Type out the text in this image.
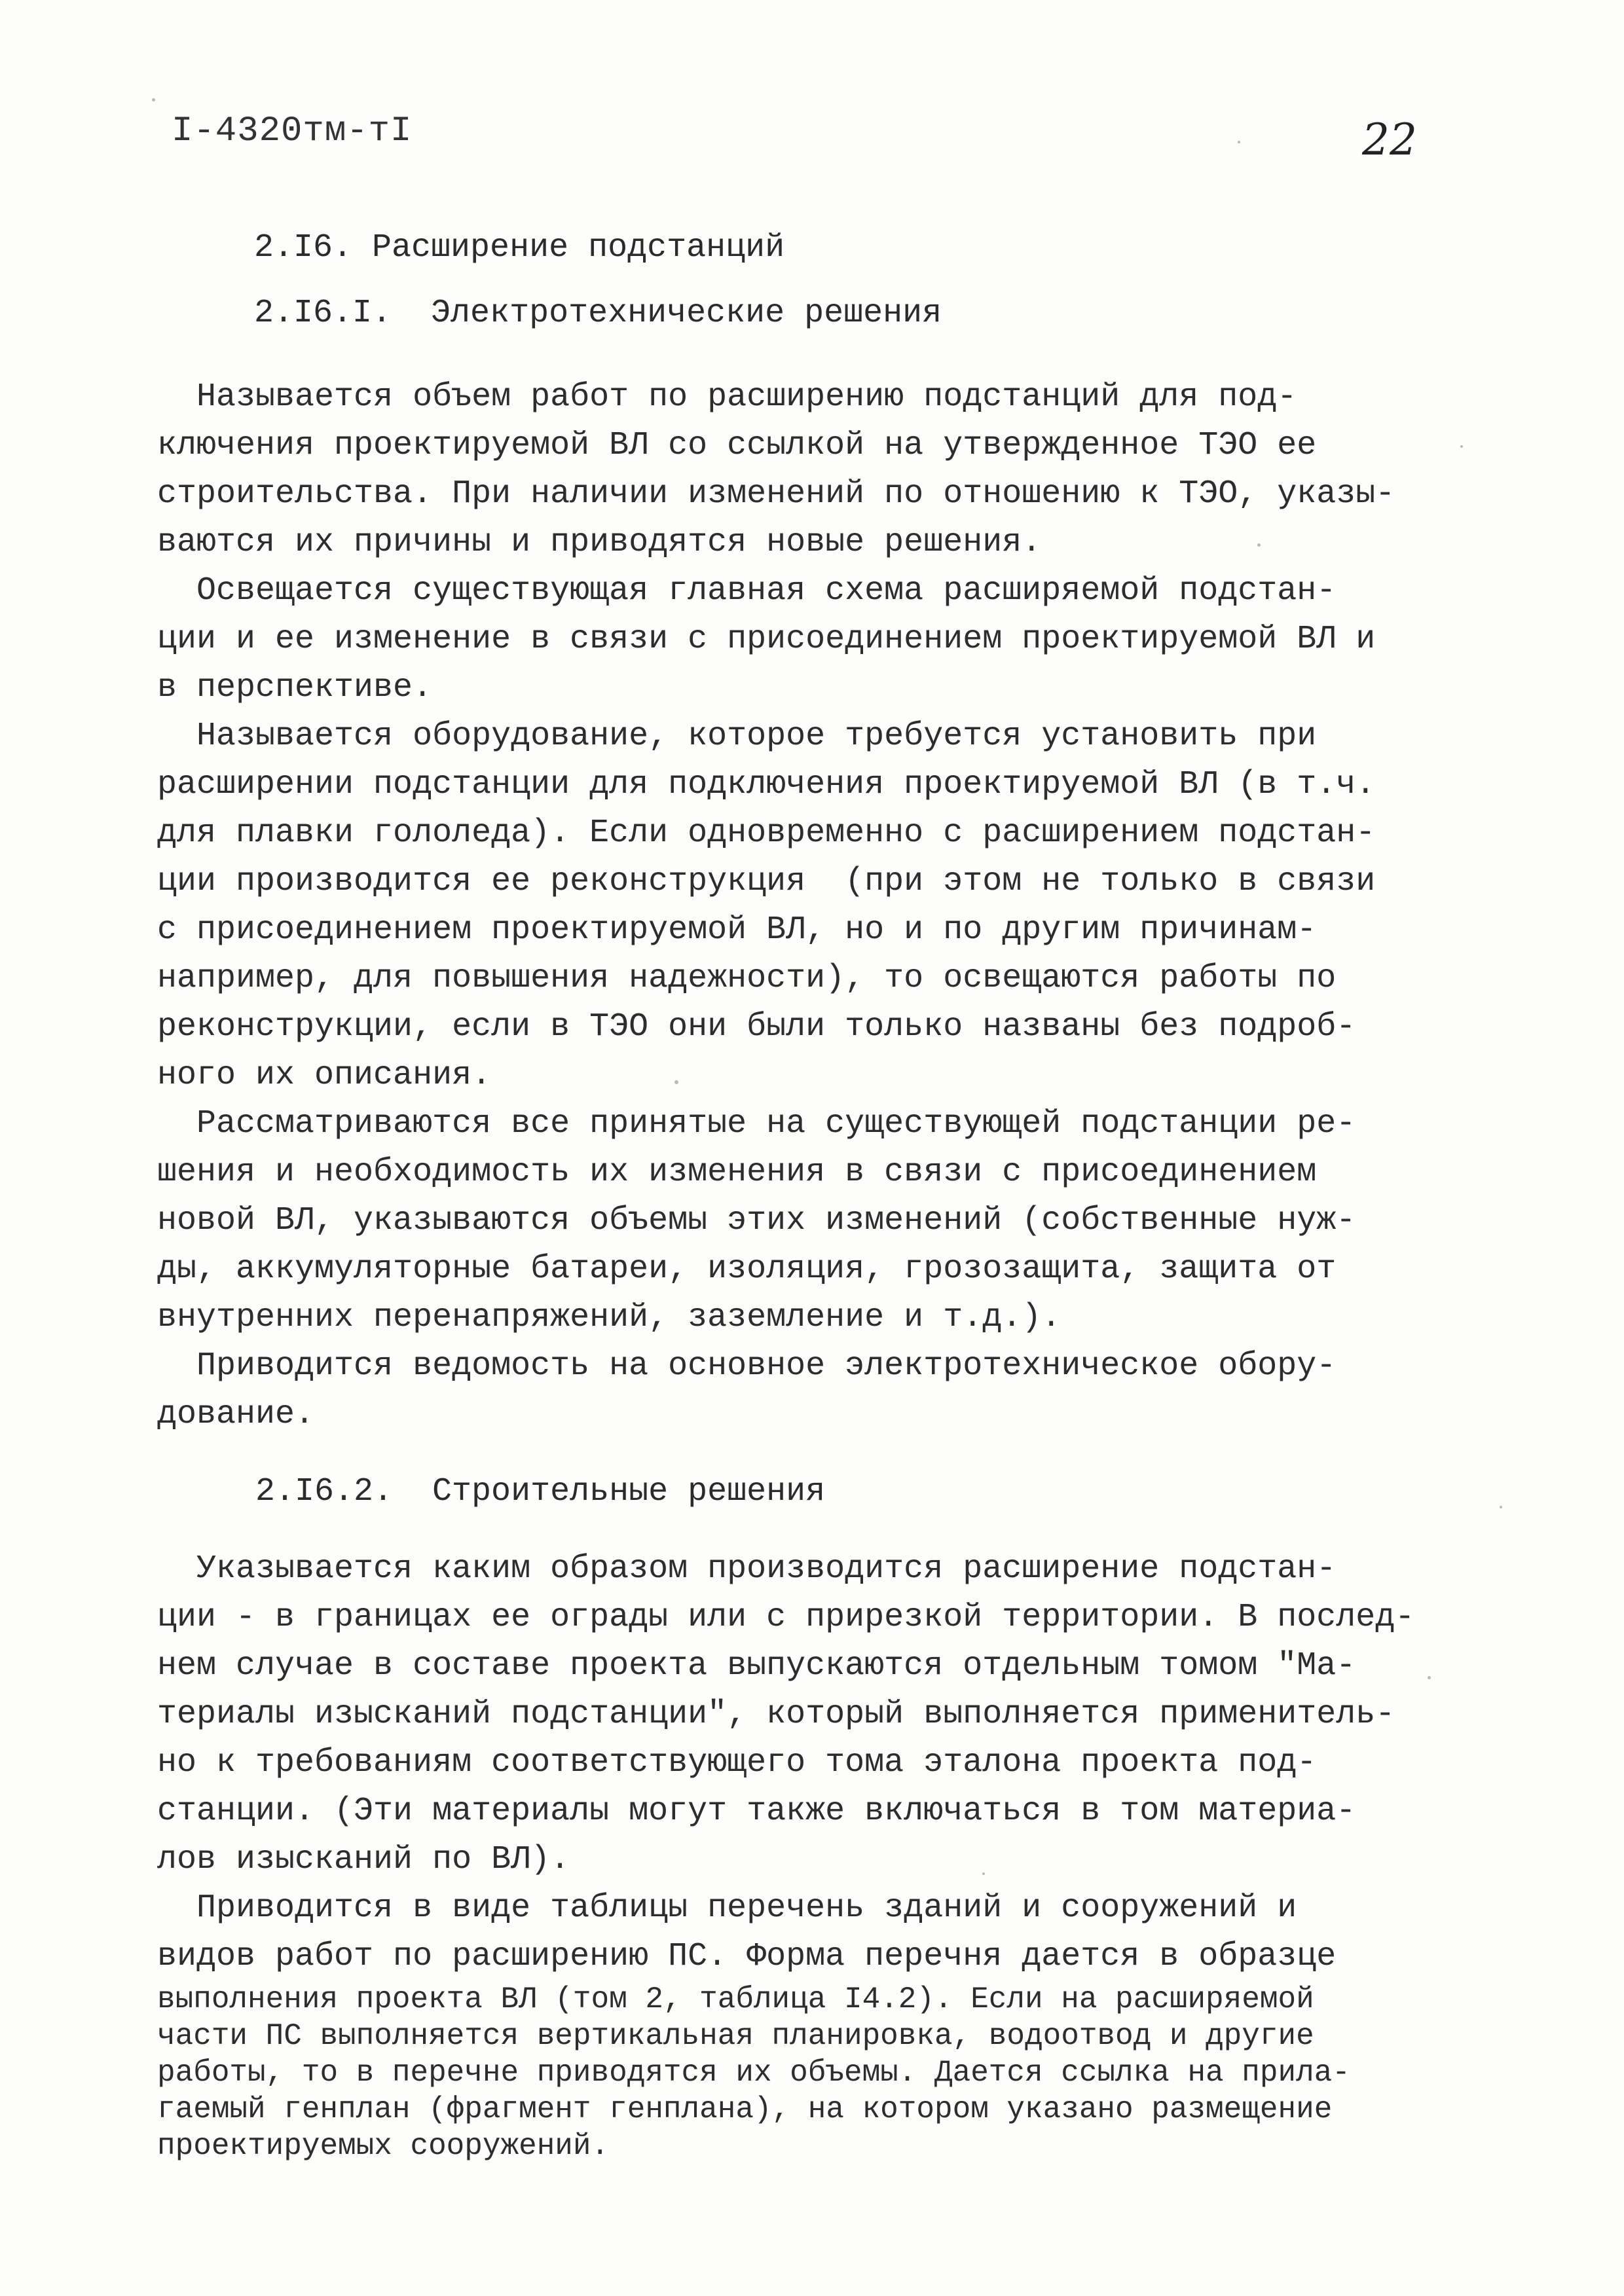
I-4320тм-тI	22
2.I6. Расширение подстанций
2.I6.I.  Электротехнические решения
Называется объем работ по расширению подстанций для под-
ключения проектируемой ВЛ со ссылкой на утвержденное ТЭО ее
строительства. При наличии изменений по отношению к ТЭО, указы-
ваются их причины и приводятся новые решения.
Освещается существующая главная схема расширяемой подстан-
ции и ее изменение в связи с присоединением проектируемой ВЛ и
в перспективе.
Называется оборудование, которое требуется установить при
расширении подстанции для подключения проектируемой ВЛ (в т.ч.
для плавки гололеда). Если одновременно с расширением подстан-
ции производится ее реконструкция  (при этом не только в связи
с присоединением проектируемой ВЛ, но и по другим причинам-
например, для повышения надежности), то освещаются работы по
реконструкции, если в ТЭО они были только названы без подроб-
ного их описания.
Рассматриваются все принятые на существующей подстанции ре-
шения и необходимость их изменения в связи с присоединением
новой ВЛ, указываются объемы этих изменений (собственные нуж-
ды, аккумуляторные батареи, изоляция, грозозащита, защита от
внутренних перенапряжений, заземление и т.д.).
Приводится ведомость на основное электротехническое обору-
дование.
2.I6.2.  Строительные решения
Указывается каким образом производится расширение подстан-
ции - в границах ее ограды или с прирезкой территории. В послед-
нем случае в составе проекта выпускаются отдельным томом "Ма-
териалы изысканий подстанции", который выполняется применитель-
но к требованиям соответствующего тома эталона проекта под-
станции. (Эти материалы могут также включаться в том материа-
лов изысканий по ВЛ).
Приводится в виде таблицы перечень зданий и сооружений и
видов работ по расширению ПС. Форма перечня дается в образце
выполнения проекта ВЛ (том 2, таблица I4.2). Если на расширяемой
части ПС выполняется вертикальная планировка, водоотвод и другие
работы, то в перечне приводятся их объемы. Дается ссылка на прила-
гаемый генплан (фрагмент генплана), на котором указано размещение
проектируемых сооружений.
